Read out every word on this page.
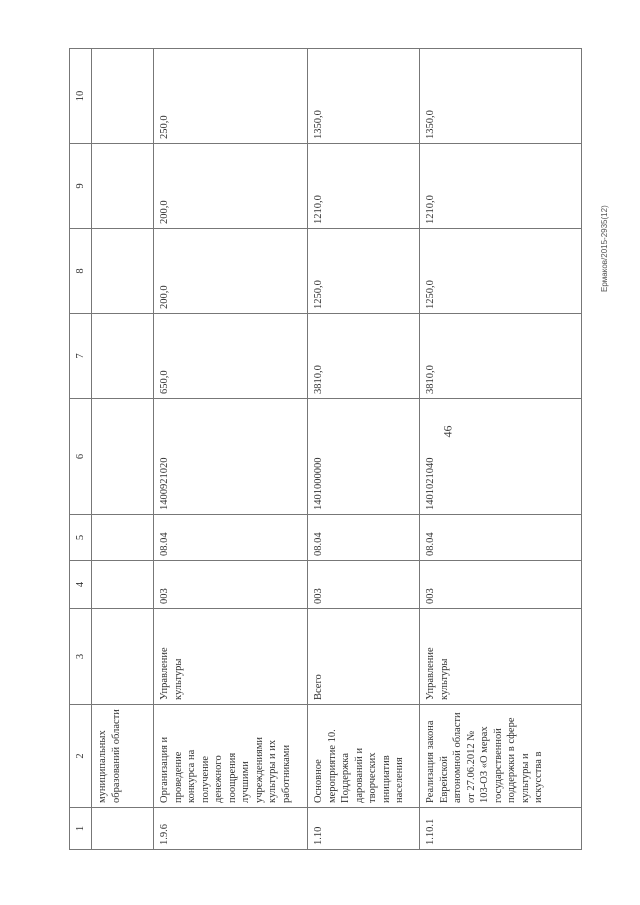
46
Ермаков/2015-2935(12)
1	2	3	4	5	6	7	8	9	10
	муниципальных образований области								
1.9.6	Организация и проведение конкурса на получение денежного поощрения лучшими учреждениями культуры и их работниками	Управление культуры	003	08.04	1400921020	650,0	200,0	200,0	250,0
1.10	Основное мероприятие 10. Поддержка дарований и творческих инициатив населения	Всего	003	08.04	1401000000	3810,0	1250,0	1210,0	1350,0
1.10.1	Реализация закона Еврейской автономной области от 27.06.2012 № 103-ОЗ «О мерах государственной поддержки в сфере культуры и искусства в	Управление культуры	003	08.04	1401021040	3810,0	1250,0	1210,0	1350,0
